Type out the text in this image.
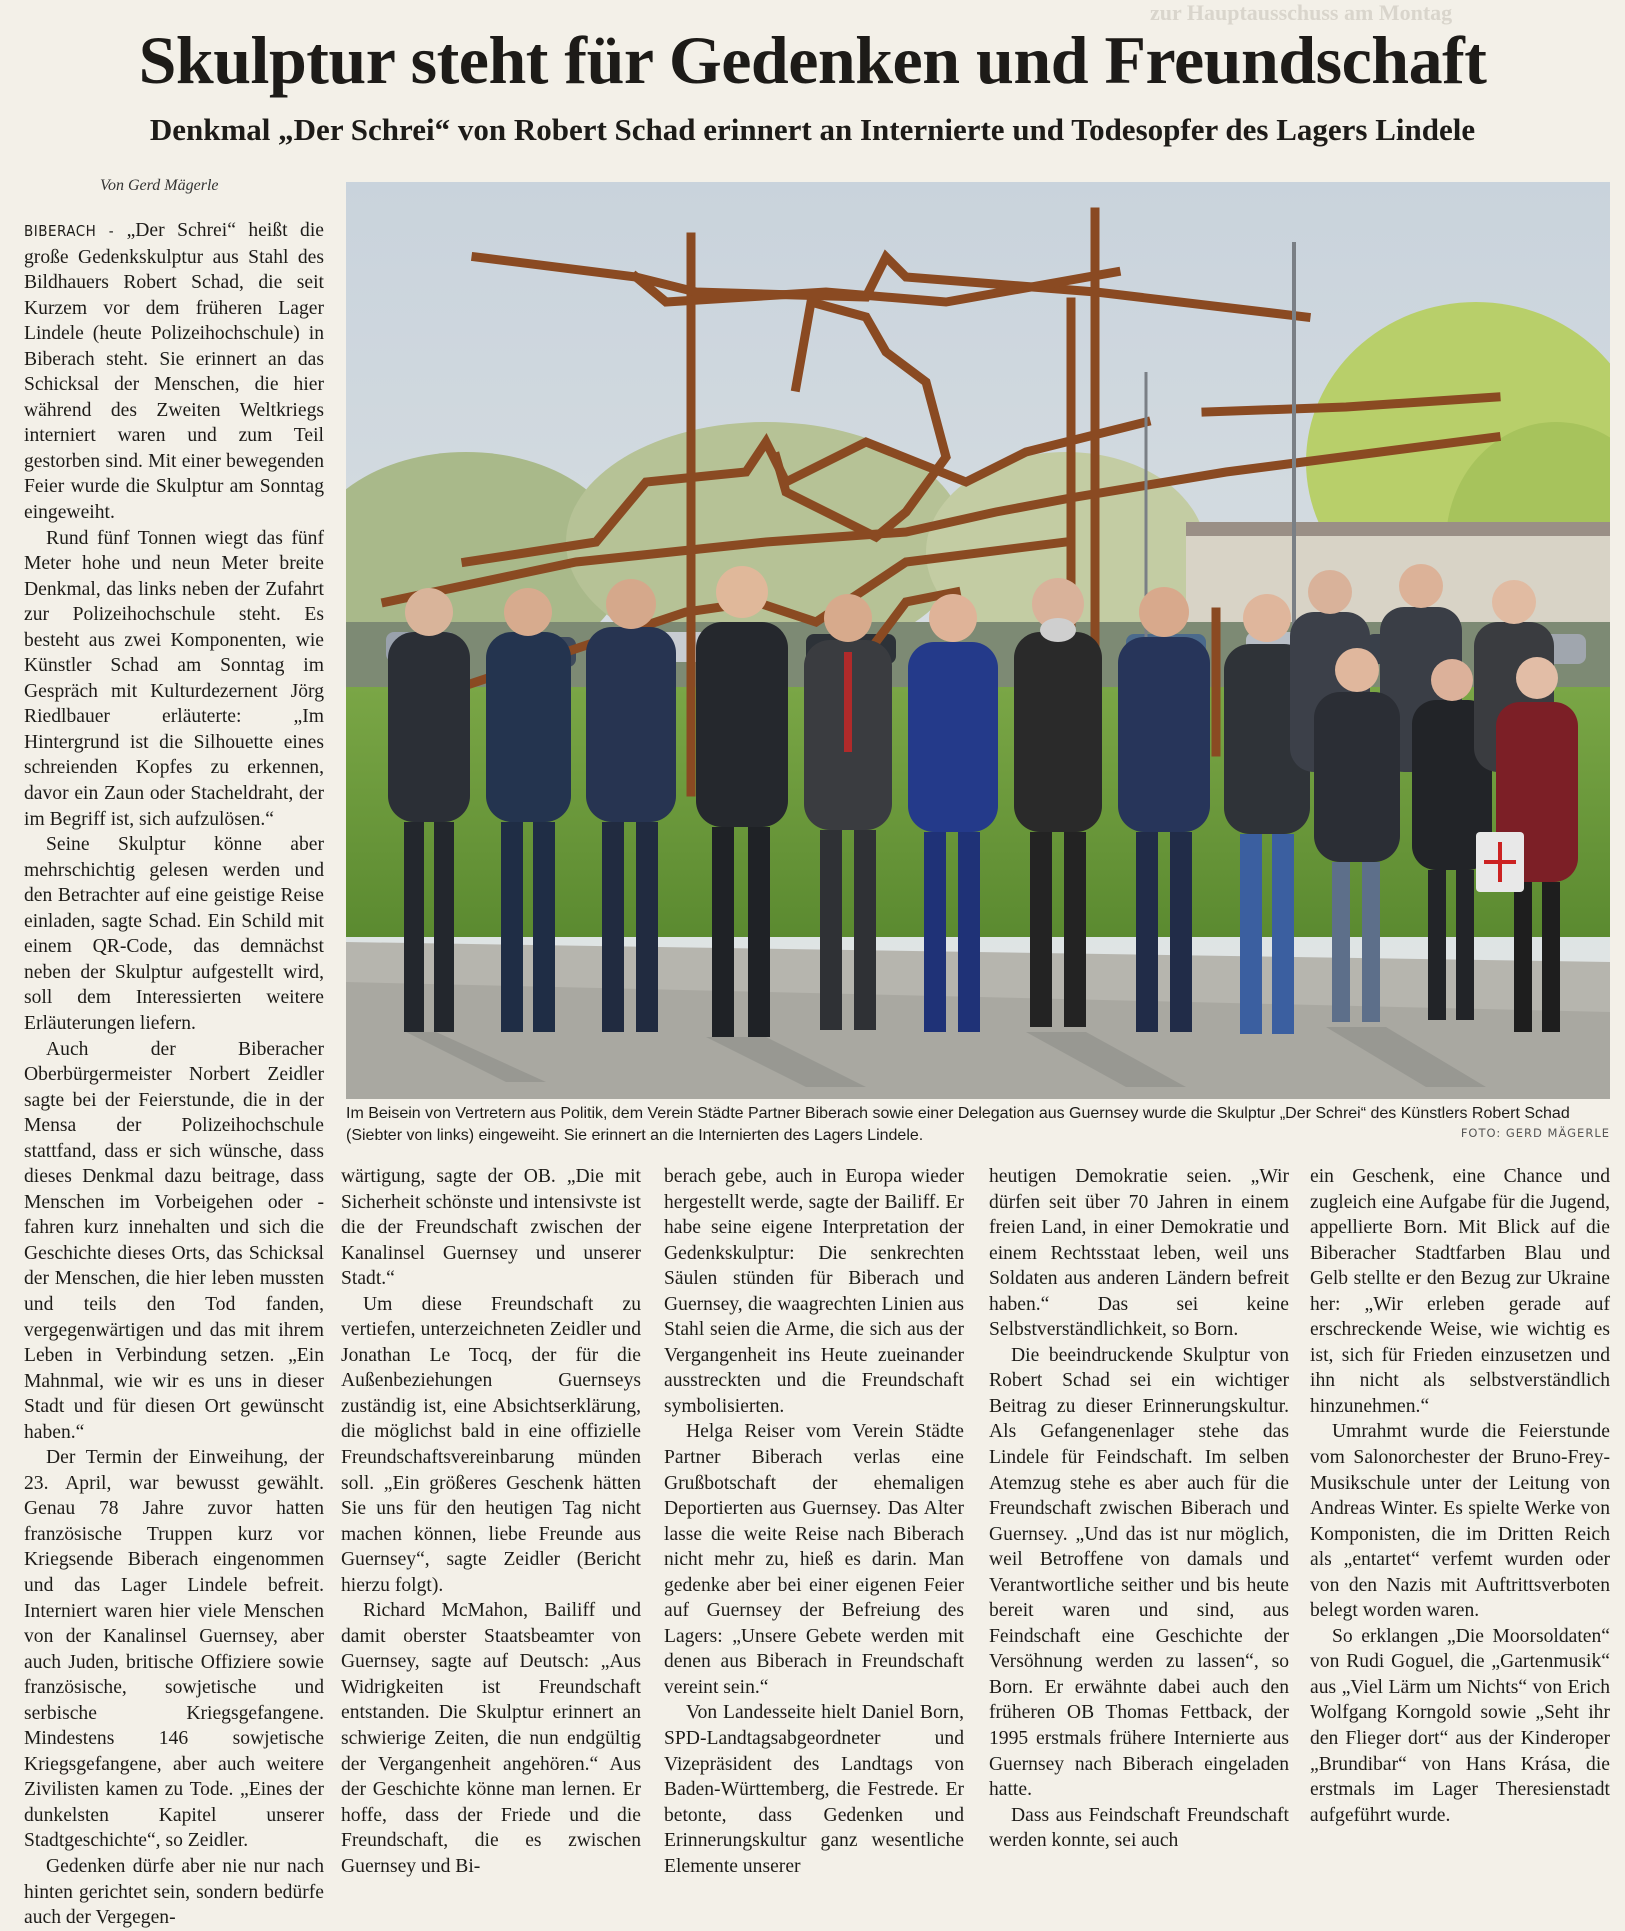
zur Hauptausschuss am Montag
Skulptur steht für Gedenken und Freundschaft
Denkmal „Der Schrei“ von Robert Schad erinnert an Internierte und Todesopfer des Lagers Lindele
Von Gerd Mägerle

BIBERACH - „Der Schrei“ heißt die große Gedenkskulptur aus Stahl des Bildhauers Robert Schad, die seit Kurzem vor dem früheren Lager Lindele (heute Polizeihochschule) in Biberach steht. Sie erinnert an das Schicksal der Menschen, die hier während des Zweiten Weltkriegs interniert waren und zum Teil gestorben sind. Mit einer bewegenden Feier wurde die Skulptur am Sonntag eingeweiht.

Rund fünf Tonnen wiegt das fünf Meter hohe und neun Meter breite Denkmal, das links neben der Zufahrt zur Polizeihochschule steht. Es besteht aus zwei Komponenten, wie Künstler Schad am Sonntag im Gespräch mit Kulturdezernent Jörg Riedlbauer erläuterte: „Im Hintergrund ist die Silhouette eines schreienden Kopfes zu erkennen, davor ein Zaun oder Stacheldraht, der im Begriff ist, sich aufzulösen.“

Seine Skulptur könne aber mehrschichtig gelesen werden und den Betrachter auf eine geistige Reise einladen, sagte Schad. Ein Schild mit einem QR-Code, das demnächst neben der Skulptur aufgestellt wird, soll dem Interessierten weitere Erläuterungen liefern.

Auch der Biberacher Oberbürgermeister Norbert Zeidler sagte bei der Feierstunde, die in der Mensa der Polizeihochschule stattfand, dass er sich wünsche, dass dieses Denkmal dazu beitrage, dass Menschen im Vorbeigehen oder -fahren kurz innehalten und sich die Geschichte dieses Orts, das Schicksal der Menschen, die hier leben mussten und teils den Tod fanden, vergegenwärtigen und das mit ihrem Leben in Verbindung setzen. „Ein Mahnmal, wie wir es uns in dieser Stadt und für diesen Ort gewünscht haben.“

Der Termin der Einweihung, der 23. April, war bewusst gewählt. Genau 78 Jahre zuvor hatten französische Truppen kurz vor Kriegsende Biberach eingenommen und das Lager Lindele befreit. Interniert waren hier viele Menschen von der Kanalinsel Guernsey, aber auch Juden, britische Offiziere sowie französische, sowjetische und serbische Kriegsgefangene. Mindestens 146 sowjetische Kriegsgefangene, aber auch weitere Zivilisten kamen zu Tode. „Eines der dunkelsten Kapitel unserer Stadtgeschichte“, so Zeidler.

Gedenken dürfe aber nie nur nach hinten gerichtet sein, sondern bedürfe auch der Vergegen-

Im Beisein von Vertretern aus Politik, dem Verein Städte Partner Biberach sowie einer Delegation aus Guernsey wurde die Skulptur „Der Schrei“ des Künstlers Robert Schad (Siebter von links) eingeweiht. Sie erinnert an die Internierten des Lagers Lindele.	FOTO: GERD MÄGERLE

wärtigung, sagte der OB. „Die mit Sicherheit schönste und intensivste ist die der Freundschaft zwischen der Kanalinsel Guernsey und unserer Stadt.“

Um diese Freundschaft zu vertiefen, unterzeichneten Zeidler und Jonathan Le Tocq, der für die Außenbeziehungen Guernseys zuständig ist, eine Absichtserklärung, die möglichst bald in eine offizielle Freundschaftsvereinbarung münden soll. „Ein größeres Geschenk hätten Sie uns für den heutigen Tag nicht machen können, liebe Freunde aus Guernsey“, sagte Zeidler (Bericht hierzu folgt).

Richard McMahon, Bailiff und damit oberster Staatsbeamter von Guernsey, sagte auf Deutsch: „Aus Widrigkeiten ist Freundschaft entstanden. Die Skulptur erinnert an schwierige Zeiten, die nun endgültig der Vergangenheit angehören.“ Aus der Geschichte könne man lernen. Er hoffe, dass der Friede und die Freundschaft, die es zwischen Guernsey und Bi-

berach gebe, auch in Europa wieder hergestellt werde, sagte der Bailiff. Er habe seine eigene Interpretation der Gedenkskulptur: Die senkrechten Säulen stünden für Biberach und Guernsey, die waagrechten Linien aus Stahl seien die Arme, die sich aus der Vergangenheit ins Heute zueinander ausstreckten und die Freundschaft symbolisierten.

Helga Reiser vom Verein Städte Partner Biberach verlas eine Grußbotschaft der ehemaligen Deportierten aus Guernsey. Das Alter lasse die weite Reise nach Biberach nicht mehr zu, hieß es darin. Man gedenke aber bei einer eigenen Feier auf Guernsey der Befreiung des Lagers: „Unsere Gebete werden mit denen aus Biberach in Freundschaft vereint sein.“

Von Landesseite hielt Daniel Born, SPD-Landtagsabgeordneter und Vizepräsident des Landtags von Baden-Württemberg, die Festrede. Er betonte, dass Gedenken und Erinnerungskultur ganz wesentliche Elemente unserer

heutigen Demokratie seien. „Wir dürfen seit über 70 Jahren in einem freien Land, in einer Demokratie und einem Rechtsstaat leben, weil uns Soldaten aus anderen Ländern befreit haben.“ Das sei keine Selbstverständlichkeit, so Born.

Die beeindruckende Skulptur von Robert Schad sei ein wichtiger Beitrag zu dieser Erinnerungskultur. Als Gefangenenlager stehe das Lindele für Feindschaft. Im selben Atemzug stehe es aber auch für die Freundschaft zwischen Biberach und Guernsey. „Und das ist nur möglich, weil Betroffene von damals und Verantwortliche seither und bis heute bereit waren und sind, aus Feindschaft eine Geschichte der Versöhnung werden zu lassen“, so Born. Er erwähnte dabei auch den früheren OB Thomas Fettback, der 1995 erstmals frühere Internierte aus Guernsey nach Biberach eingeladen hatte.

Dass aus Feindschaft Freundschaft werden konnte, sei auch

ein Geschenk, eine Chance und zugleich eine Aufgabe für die Jugend, appellierte Born. Mit Blick auf die Biberacher Stadtfarben Blau und Gelb stellte er den Bezug zur Ukraine her: „Wir erleben gerade auf erschreckende Weise, wie wichtig es ist, sich für Frieden einzusetzen und ihn nicht als selbstverständlich hinzunehmen.“

Umrahmt wurde die Feierstunde vom Salonorchester der Bruno-Frey-Musikschule unter der Leitung von Andreas Winter. Es spielte Werke von Komponisten, die im Dritten Reich als „entartet“ verfemt wurden oder von den Nazis mit Auftrittsverboten belegt worden waren.

So erklangen „Die Moorsoldaten“ von Rudi Goguel, die „Gartenmusik“ aus „Viel Lärm um Nichts“ von Erich Wolfgang Korngold sowie „Seht ihr den Flieger dort“ aus der Kinderoper „Brundibar“ von Hans Krása, die erstmals im Lager Theresienstadt aufgeführt wurde.
